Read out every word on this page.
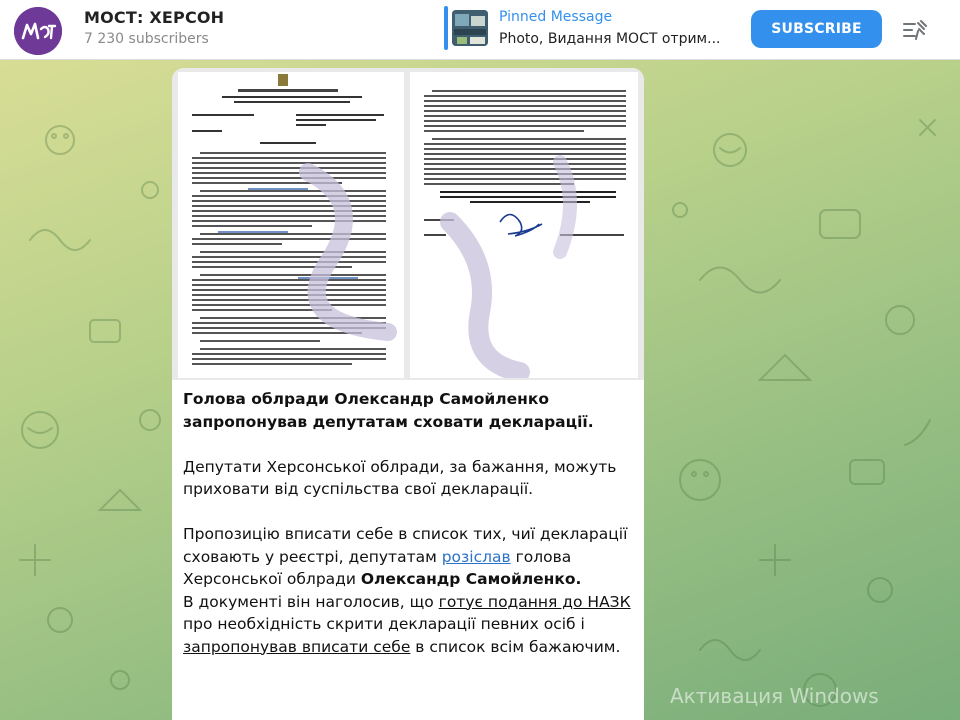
МОСТ: ХЕРСОН
7 230 subscribers
Pinned Message
Photo, Видання МОСТ отрим...
SUBSCRIBE

Голова облради Олександр Самойленко запропонував депутатам сховати декларації.

Депутати Херсонської облради, за бажання, можуть приховати від суспільства свої декларації.

Пропозицію вписати себе в список тих, чиї декларації сховають у реєстрі, депутатам розіслав голова Херсонської облради Олександр Самойленко.

В документі він наголосив, що готує подання до НАЗК про необхідність скрити декларації певних осіб і запропонував вписати себе в список всім бажаючим.

Активация Windows
